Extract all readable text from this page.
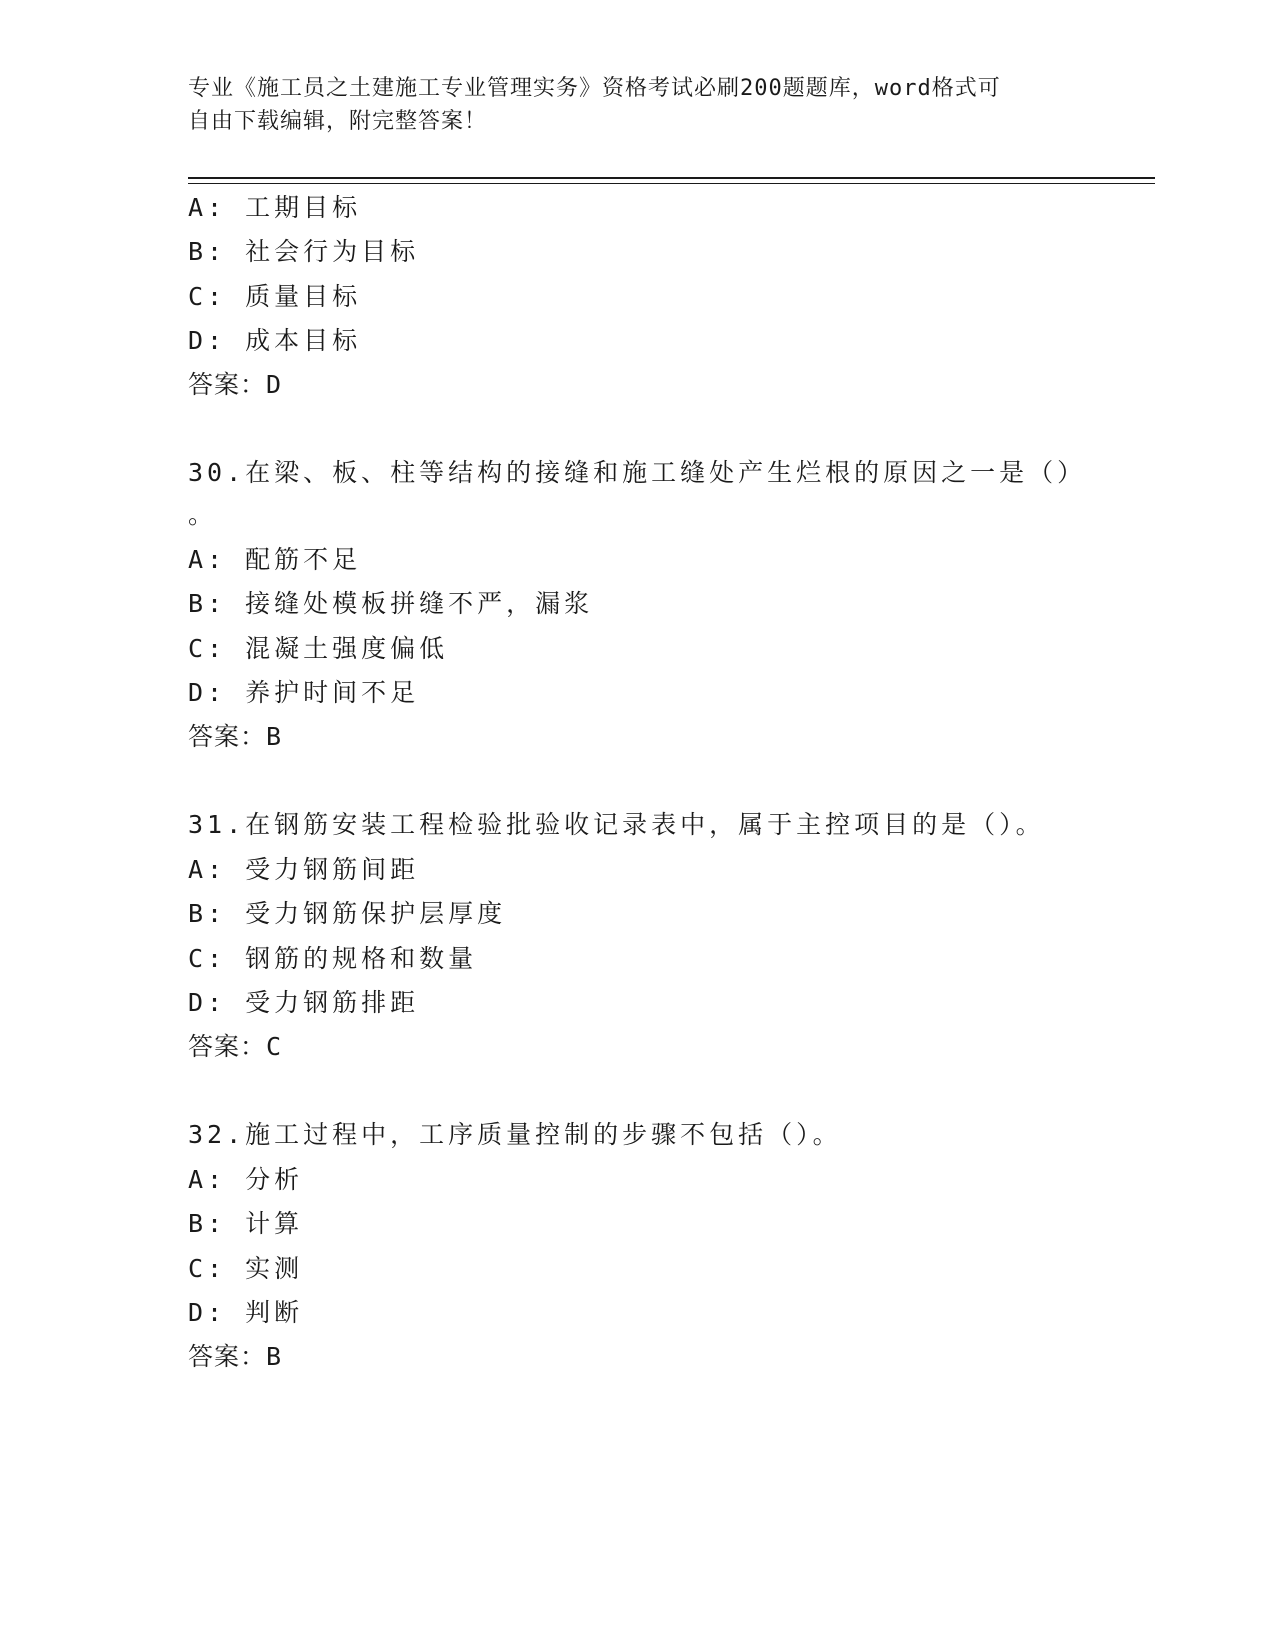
专业《施工员之土建施工专业管理实务》资格考试必刷200题题库，word格式可
自由下载编辑，附完整答案！
A: 工期目标
B: 社会行为目标
C: 质量目标
D: 成本目标
答案：D
30.在梁、板、柱等结构的接缝和施工缝处产生烂根的原因之一是（）
。
A: 配筋不足
B: 接缝处模板拼缝不严，漏浆
C: 混凝土强度偏低
D: 养护时间不足
答案：B
31.在钢筋安装工程检验批验收记录表中，属于主控项目的是（）。
A: 受力钢筋间距
B: 受力钢筋保护层厚度
C: 钢筋的规格和数量
D: 受力钢筋排距
答案：C
32.施工过程中，工序质量控制的步骤不包括（）。
A: 分析
B: 计算
C: 实测
D: 判断
答案：B
